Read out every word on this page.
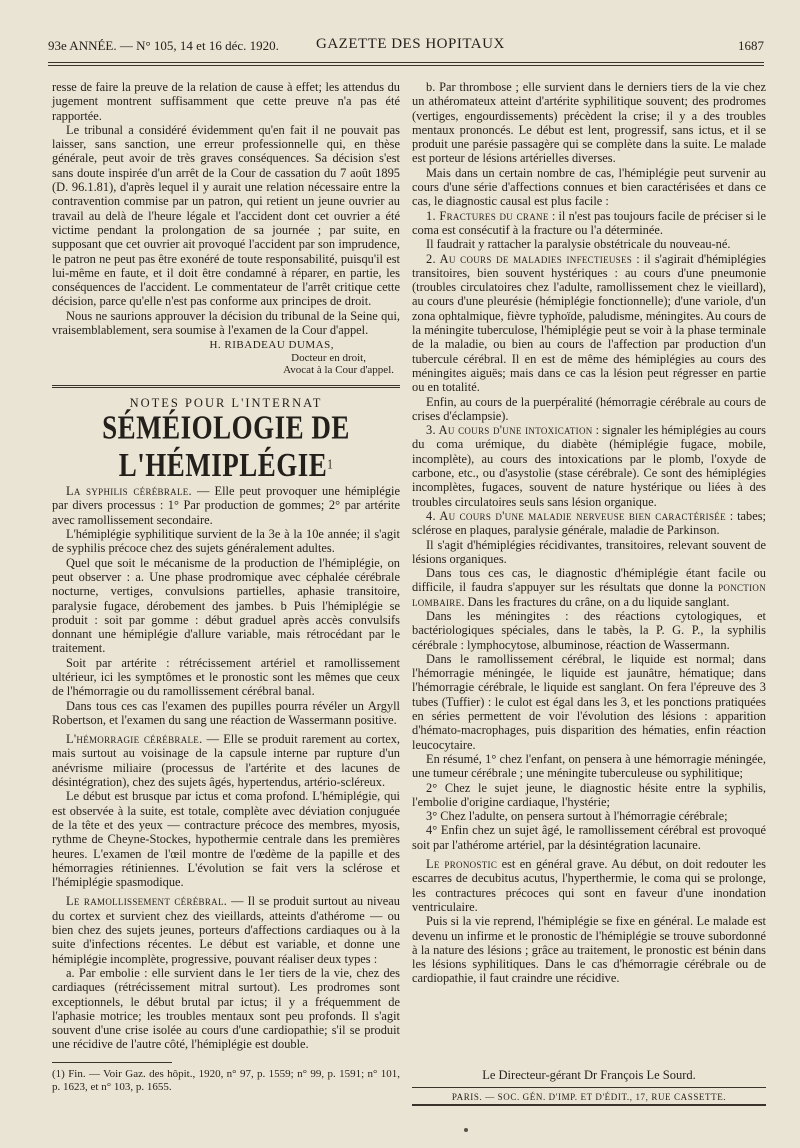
93e ANNÉE. — N° 105, 14 et 16 déc. 1920. GAZETTE DES HOPITAUX	1687

resse de faire la preuve de la relation de cause à effet; les attendus du jugement montrent suffisamment que cette preuve n'a pas été rapportée.

Le tribunal a considéré évidemment qu'en fait il ne pouvait pas laisser, sans sanction, une erreur professionnelle qui, en thèse générale, peut avoir de très graves conséquences. Sa décision s'est sans doute inspirée d'un arrêt de la Cour de cassation du 7 août 1895 (D. 96.1.81), d'après lequel il y aurait une relation nécessaire entre la contravention commise par un patron, qui retient un jeune ouvrier au travail au delà de l'heure légale et l'accident dont cet ouvrier a été victime pendant la prolongation de sa journée ; par suite, en supposant que cet ouvrier ait provoqué l'accident par son imprudence, le patron ne peut pas être exonéré de toute responsabilité, puisqu'il est lui-même en faute, et il doit être condamné à réparer, en partie, les conséquences de l'accident. Le commentateur de l'arrêt critique cette décision, parce qu'elle n'est pas conforme aux principes de droit.

Nous ne saurions approuver la décision du tribunal de la Seine qui, vraisemblablement, sera soumise à l'examen de la Cour d'appel.

H. RIBADEAU DUMAS,
Docteur en droit,
Avocat à la Cour d'appel.
NOTES POUR L'INTERNAT
SÉMÉIOLOGIE DE L'HÉMIPLÉGIE$^1$

La syphilis cérébrale. — Elle peut provoquer une hémiplégie par divers processus : 1° Par production de gommes; 2° par artérite avec ramollissement secondaire.

L'hémiplégie syphilitique survient de la 3e à la 10e année; il s'agit de syphilis précoce chez des sujets généralement adultes.

Quel que soit le mécanisme de la production de l'hémiplégie, on peut observer : a. Une phase prodromique avec céphalée cérébrale nocturne, vertiges, convulsions partielles, aphasie transitoire, paralysie fugace, dérobement des jambes. b Puis l'hémiplégie se produit : soit par gomme : début graduel après accès convulsifs donnant une hémiplégie d'allure variable, mais rétrocédant par le traitement.

Soit par artérite : rétrécissement artériel et ramollissement ultérieur, ici les symptômes et le pronostic sont les mêmes que ceux de l'hémorragie ou du ramollissement cérébral banal.

Dans tous ces cas l'examen des pupilles pourra révéler un Argyll Robertson, et l'examen du sang une réaction de Wassermann positive.

L'hémorragie cérébrale. — Elle se produit rarement au cortex, mais surtout au voisinage de la capsule interne par rupture d'un anévrisme miliaire (processus de l'artérite et des lacunes de désintégration), chez des sujets âgés, hypertendus, artério-scléreux.

Le début est brusque par ictus et coma profond. L'hémiplégie, qui est observée à la suite, est totale, complète avec déviation conjuguée de la tête et des yeux — contracture précoce des membres, myosis, rythme de Cheyne-Stockes, hypothermie centrale dans les premières heures. L'examen de l'œil montre de l'œdème de la papille et des hémorragies rétiniennes. L'évolution se fait vers la sclérose et l'hémiplégie spasmodique.

Le ramollissement cérébral. — Il se produit surtout au niveau du cortex et survient chez des vieillards, atteints d'athérome — ou bien chez des sujets jeunes, porteurs d'affections cardiaques ou à la suite d'infections récentes. Le début est variable, et donne une hémiplégie incomplète, progressive, pouvant réaliser deux types :

a. Par embolie : elle survient dans le 1er tiers de la vie, chez des cardiaques (rétrécissement mitral surtout). Les prodromes sont exceptionnels, le début brutal par ictus; il y a fréquemment de l'aphasie motrice; les troubles mentaux sont peu profonds. Il s'agit souvent d'une crise isolée au cours d'une cardiopathie; s'il se produit une récidive de l'autre côté, l'hémiplégie est double.

b. Par thrombose ; elle survient dans le derniers tiers de la vie chez un athéromateux atteint d'artérite syphilitique souvent; des prodromes (vertiges, engourdissements) précèdent la crise; il y a des troubles mentaux prononcés. Le début est lent, progressif, sans ictus, et il se produit une parésie passagère qui se complète dans la suite. Le malade est porteur de lésions artérielles diverses.

Mais dans un certain nombre de cas, l'hémiplégie peut survenir au cours d'une série d'affections connues et bien caractérisées et dans ce cas, le diagnostic causal est plus facile :

1. Fractures du crane : il n'est pas toujours facile de préciser si le coma est consécutif à la fracture ou l'a déterminée.

Il faudrait y rattacher la paralysie obstétricale du nouveau-né.

2. Au cours de maladies infectieuses : il s'agirait d'hémiplégies transitoires, bien souvent hystériques : au cours d'une pneumonie (troubles circulatoires chez l'adulte, ramollissement chez le vieillard), au cours d'une pleurésie (hémiplégie fonctionnelle); d'une variole, d'un zona ophtalmique, fièvre typhoïde, paludisme, méningites. Au cours de la méningite tuberculose, l'hémiplégie peut se voir à la phase terminale de la maladie, ou bien au cours de l'affection par production d'un tubercule cérébral. Il en est de même des hémiplégies au cours des méningites aiguës; mais dans ce cas la lésion peut régresser en partie ou en totalité.

Enfin, au cours de la puerpéralité (hémorragie cérébrale au cours de crises d'éclampsie).

3. Au cours d'une intoxication : signaler les hémiplégies au cours du coma urémique, du diabète (hémiplégie fugace, mobile, incomplète), au cours des intoxications par le plomb, l'oxyde de carbone, etc., ou d'asystolie (stase cérébrale). Ce sont des hémiplégies incomplètes, fugaces, souvent de nature hystérique ou liées à des troubles circulatoires seuls sans lésion organique.

4. Au cours d'une maladie nerveuse bien caractérisée : tabes; sclérose en plaques, paralysie générale, maladie de Parkinson.

Il s'agit d'hémiplégies récidivantes, transitoires, relevant souvent de lésions organiques.

Dans tous ces cas, le diagnostic d'hémiplégie étant facile ou difficile, il faudra s'appuyer sur les résultats que donne la ponction lombaire. Dans les fractures du crâne, on a du liquide sanglant.

Dans les méningites : des réactions cytologiques, et bactériologiques spéciales, dans le tabès, la P. G. P., la syphilis cérébrale : lymphocytose, albuminose, réaction de Wassermann.

Dans le ramollissement cérébral, le liquide est normal; dans l'hémorragie méningée, le liquide est jaunâtre, hématique; dans l'hémorragie cérébrale, le liquide est sanglant. On fera l'épreuve des 3 tubes (Tuffier) : le culot est égal dans les 3, et les ponctions pratiquées en séries permettent de voir l'évolution des lésions : apparition d'hémato-macrophages, puis disparition des hématies, enfin réaction leucocytaire.

En résumé, 1° chez l'enfant, on pensera à une hémorragie méningée, une tumeur cérébrale ; une méningite tuberculeuse ou syphilitique;

2° Chez le sujet jeune, le diagnostic hésite entre la syphilis, l'embolie d'origine cardiaque, l'hystérie;

3° Chez l'adulte, on pensera surtout à l'hémorragie cérébrale;

4° Enfin chez un sujet âgé, le ramollissement cérébral est provoqué soit par l'athérome artériel, par la désintégration lacunaire.

Le pronostic est en général grave. Au début, on doit redouter les escarres de decubitus acutus, l'hyperthermie, le coma qui se prolonge, les contractures précoces qui sont en faveur d'une inondation ventriculaire.

Puis si la vie reprend, l'hémiplégie se fixe en général. Le malade est devenu un infirme et le pronostic de l'hémiplégie se trouve subordonné à la nature des lésions ; grâce au traitement, le pronostic est bénin dans les lésions syphilitiques. Dans le cas d'hémorragie cérébrale ou de cardiopathie, il faut craindre une récidive.

(1) Fin. — Voir Gaz. des hôpit., 1920, n° 97, p. 1559; n° 99, p. 1591; n° 101, p. 1623, et n° 103, p. 1655.
Le Directeur-gérant Dr François Le Sourd.
PARIS. — SOC. GÉN. D'IMP. ET D'ÉDIT., 17, RUE CASSETTE.
